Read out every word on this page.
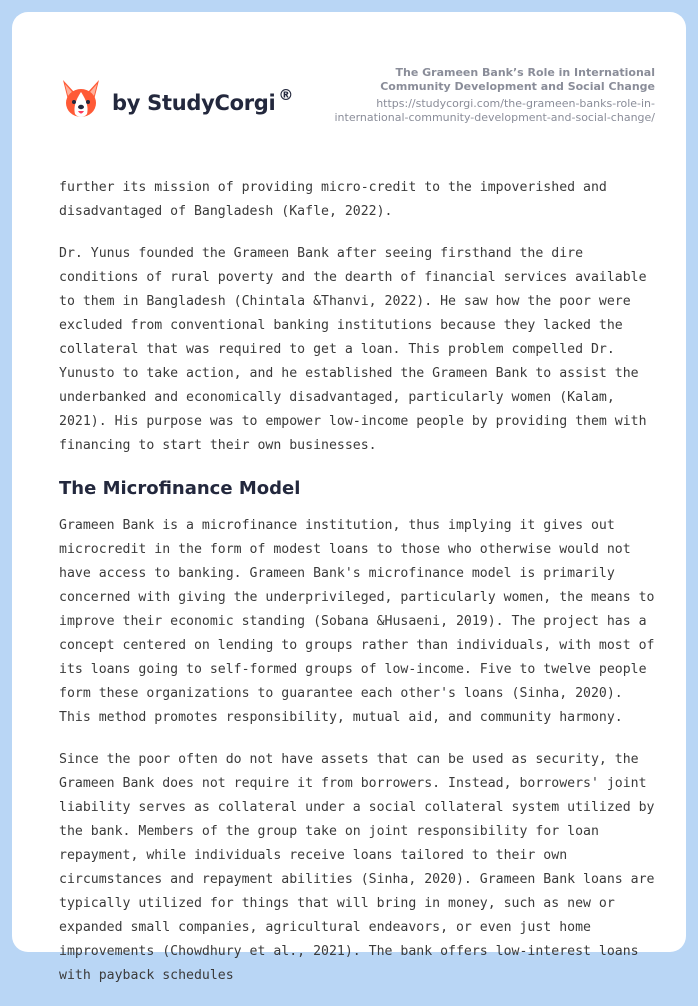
by StudyCorgi ®
The Grameen Bank’s Role in International Community Development and Social Change
https://studycorgi.com/the-grameen-banks-role-in-international-community-development-and-social-change/

further its mission of providing micro-credit to the impoverished and disadvantaged of Bangladesh (Kafle, 2022).

Dr. Yunus founded the Grameen Bank after seeing firsthand the dire conditions of rural poverty and the dearth of financial services available to them in Bangladesh (Chintala &Thanvi, 2022). He saw how the poor were excluded from conventional banking institutions because they lacked the collateral that was required to get a loan. This problem compelled Dr. Yunusto to take action, and he established the Grameen Bank to assist the underbanked and economically disadvantaged, particularly women (Kalam, 2021). His purpose was to empower low-income people by providing them with financing to start their own businesses.

The Microfinance Model

Grameen Bank is a microfinance institution, thus implying it gives out microcredit in the form of modest loans to those who otherwise would not have access to banking. Grameen Bank's microfinance model is primarily concerned with giving the underprivileged, particularly women, the means to improve their economic standing (Sobana &Husaeni, 2019). The project has a concept centered on lending to groups rather than individuals, with most of its loans going to self-formed groups of low-income. Five to twelve people form these organizations to guarantee each other's loans (Sinha, 2020). This method promotes responsibility, mutual aid, and community harmony.

Since the poor often do not have assets that can be used as security, the Grameen Bank does not require it from borrowers. Instead, borrowers' joint liability serves as collateral under a social collateral system utilized by the bank. Members of the group take on joint responsibility for loan repayment, while individuals receive loans tailored to their own circumstances and repayment abilities (Sinha, 2020). Grameen Bank loans are typically utilized for things that will bring in money, such as new or expanded small companies, agricultural endeavors, or even just home improvements (Chowdhury et al., 2021). The bank offers low-interest loans with payback schedules
